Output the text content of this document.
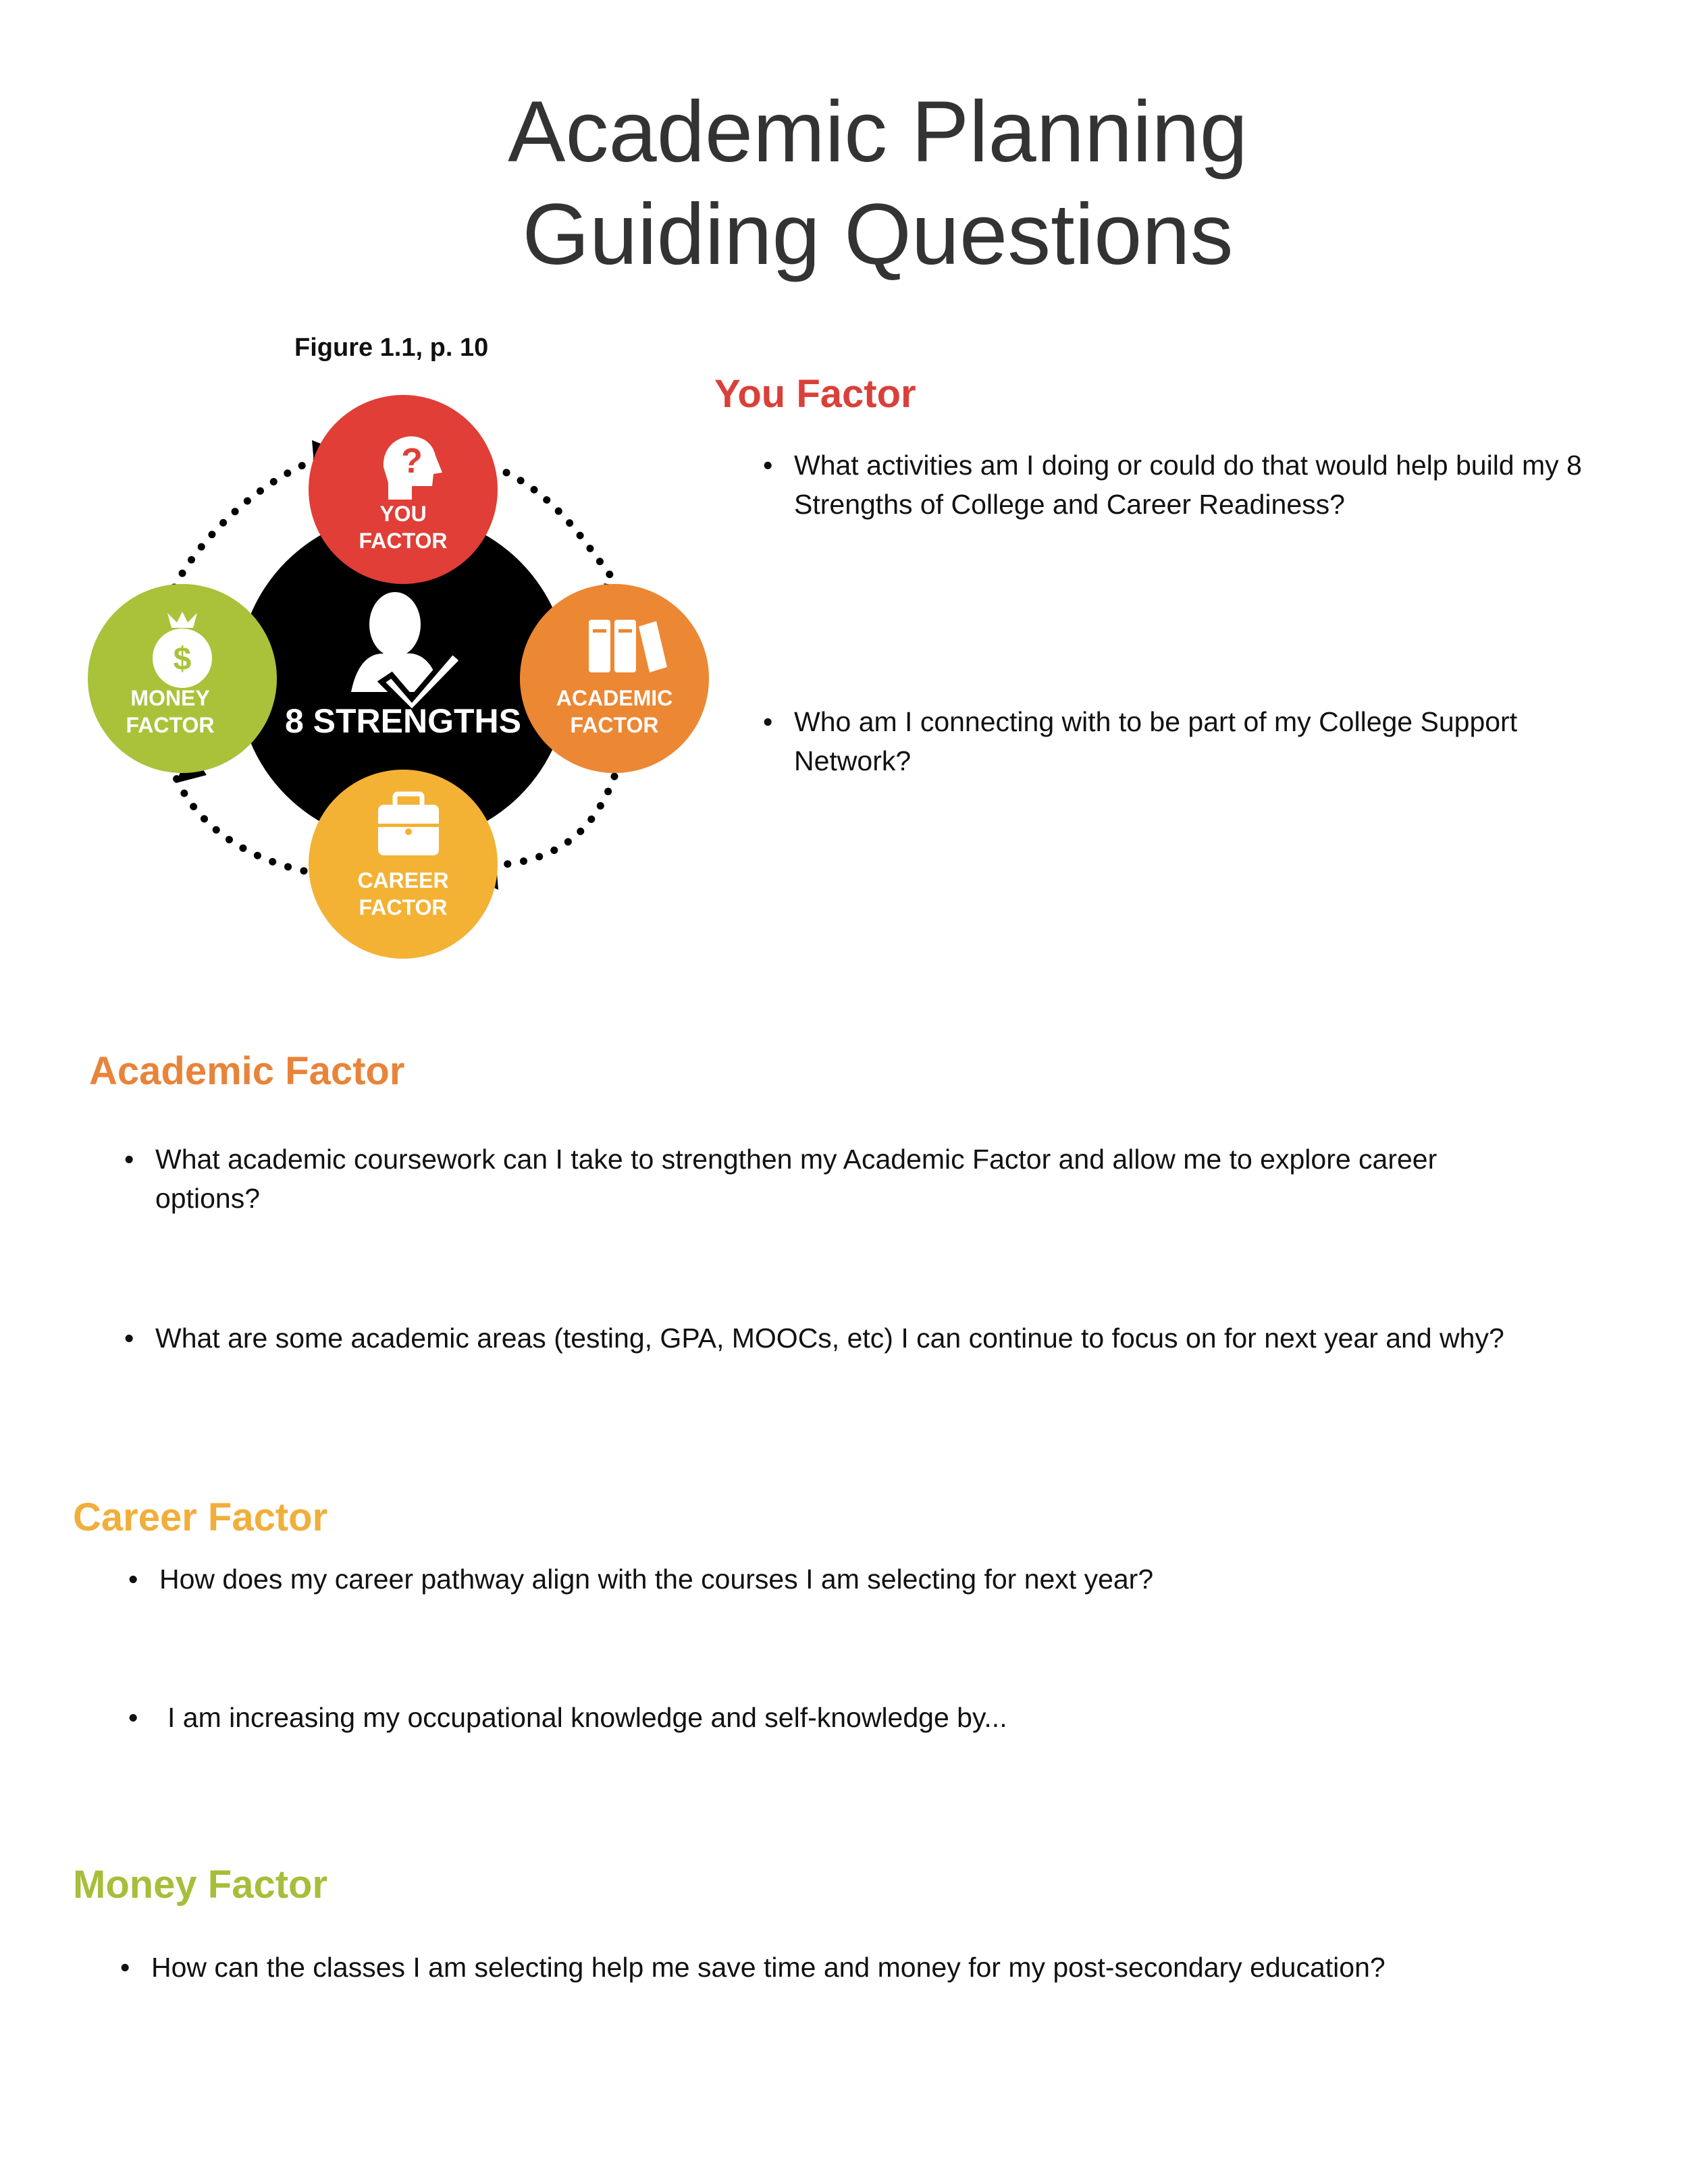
Academic Planning
Guiding Questions
Figure 1.1, p. 10
8 STRENGTHS
?
YOU
FACTOR
ACADEMIC
FACTOR
CAREER
FACTOR
$
MONEY
FACTOR
You Factor
• What activities am I doing or could do that would help build my 8
Strengths of College and Career Readiness?
• Who am I connecting with to be part of my College Support
Network?
Academic Factor
• What academic coursework can I take to strengthen my Academic Factor and allow me to explore career
options?
• What are some academic areas (testing, GPA, MOOCs, etc) I can continue to focus on for next year and why?
Career Factor
• How does my career pathway align with the courses I am selecting for next year?
• I am increasing my occupational knowledge and self-knowledge by...
Money Factor
• How can the classes I am selecting help me save time and money for my post-secondary education?
